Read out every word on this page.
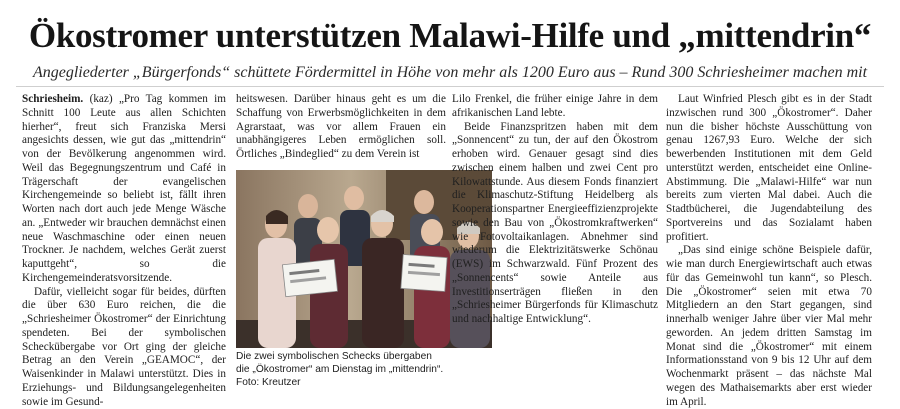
Ökostromer unterstützen Malawi-Hilfe und „mittendrin“
Angegliederter „Bürgerfonds“ schüttete Fördermittel in Höhe von mehr als 1200 Euro aus – Rund 300 Schriesheimer machen mit

Schriesheim. (kaz) „Pro Tag kommen im Schnitt 100 Leute aus allen Schichten hierher“, freut sich Franziska Mersi angesichts dessen, wie gut das „mittendrin“ von der Bevölkerung angenommen wird. Weil das Begegnungszentrum und Café in Trägerschaft der evangelischen Kirchengemeinde so beliebt ist, fällt ihren Worten nach dort auch jede Menge Wäsche an. „Entweder wir brauchen demnächst einen neue Waschmaschine oder einen neuen Trockner. Je nachdem, welches Gerät zuerst kaputtgeht“, so die Kirchengemeinderatsvorsitzende.

Dafür, vielleicht sogar für beides, dürften die über 630 Euro reichen, die die „Schriesheimer Ökostromer“ der Einrichtung spendeten. Bei der symbolischen Scheckübergabe vor Ort ging der gleiche Betrag an den Verein „GEAMOC“, der Waisenkinder in Malawi unterstützt. Dies in Erziehungs- und Bildungsangelegenheiten sowie im Gesund-

heitswesen. Darüber hinaus geht es um die Schaffung von Erwerbsmöglichkeiten in dem Agrarstaat, was vor allem Frauen ein unabhängigeres Leben ermöglichen soll. Örtliches „Bindeglied“ zu dem Verein ist

Die zwei symbolischen Schecks übergaben die „Ökostromer“ am Dienstag im „mittendrin“. Foto: Kreutzer

Lilo Frenkel, die früher einige Jahre in dem afrikanischen Land lebte.

Beide Finanzspritzen haben mit dem „Sonnencent“ zu tun, der auf den Ökostrom erhoben wird. Genauer gesagt sind dies zwischen einem halben und zwei Cent pro Kilowattstunde. Aus diesem Fonds finanziert die Klimaschutz-Stiftung Heidelberg als Kooperationspartner Energieeffizienzprojekte sowie den Bau von „Ökostromkraftwerken“ wie Fotovoltaikanlagen. Abnehmer sind wiederum die Elektrizitätswerke Schönau (EWS) im Schwarzwald. Fünf Prozent des „Sonnencents“ sowie Anteile aus Investitionserträgen fließen in den „Schriesheimer Bürgerfonds für Klimaschutz und nachhaltige Entwicklung“.

Laut Winfried Plesch gibt es in der Stadt inzwischen rund 300 „Ökostromer“. Daher nun die bisher höchste Ausschüttung von genau 1267,93 Euro. Welche der sich bewerbenden Institutionen mit dem Geld unterstützt werden, entscheidet eine Online-Abstimmung. Die „Malawi-Hilfe“ war nun bereits zum vierten Mal dabei. Auch die Stadtbücherei, die Jugendabteilung des Sportvereins und das Sozialamt haben profitiert.

„Das sind einige schöne Beispiele dafür, wie man durch Energiewirtschaft auch etwas für das Gemeinwohl tun kann“, so Plesch. Die „Ökostromer“ seien mit etwa 70 Mitgliedern an den Start gegangen, sind innerhalb weniger Jahre über vier Mal mehr geworden. An jedem dritten Samstag im Monat sind die „Ökostromer“ mit einem Informationsstand von 9 bis 12 Uhr auf dem Wochenmarkt präsent – das nächste Mal wegen des Mathaisemarkts aber erst wieder im April.
